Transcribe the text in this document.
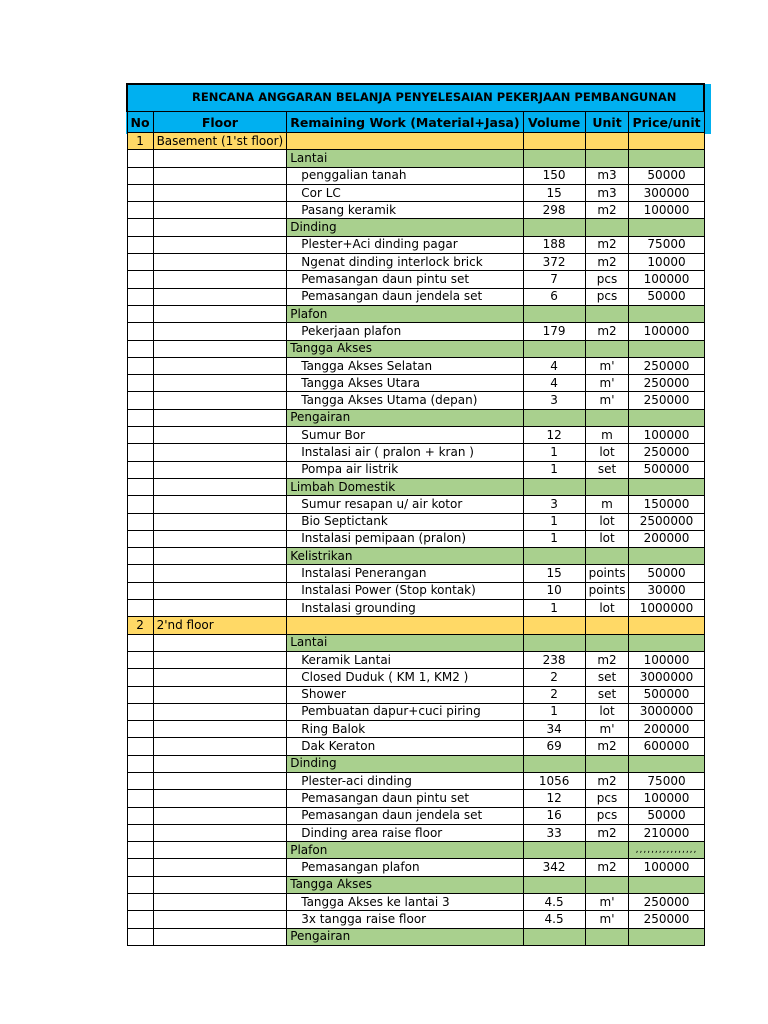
RENCANA ANGGARAN BELANJA PENYELESAIAN PEKERJAAN PEMBANGUNAN

No	Floor	Remaining Work (Material+Jasa)	Volume	Unit	Price/unit
1	Basement (1'st floor)				
		Lantai			
		penggalian tanah	150	m3	50000
		Cor LC	15	m3	300000
		Pasang keramik	298	m2	100000
		Dinding			
		Plester+Aci dinding pagar	188	m2	75000
		Ngenat dinding interlock brick	372	m2	10000
		Pemasangan daun pintu set	7	pcs	100000
		Pemasangan daun jendela set	6	pcs	50000
		Plafon			
		Pekerjaan plafon	179	m2	100000
		Tangga Akses			
		Tangga Akses Selatan	4	m'	250000
		Tangga Akses Utara	4	m'	250000
		Tangga Akses Utama (depan)	3	m'	250000
		Pengairan			
		Sumur Bor	12	m	100000
		Instalasi air ( pralon + kran )	1	lot	250000
		Pompa air listrik	1	set	500000
		Limbah Domestik			
		Sumur resapan u/ air kotor	3	m	150000
		Bio Septictank	1	lot	2500000
		Instalasi pemipaan (pralon)	1	lot	200000
		Kelistrikan			
		Instalasi Penerangan	15	points	50000
		Instalasi Power (Stop kontak)	10	points	30000
		Instalasi grounding	1	lot	1000000
2	2'nd floor				
		Lantai			
		Keramik Lantai	238	m2	100000
		Closed Duduk ( KM 1, KM2 )	2	set	3000000
		Shower	2	set	500000
		Pembuatan dapur+cuci piring	1	lot	3000000
		Ring Balok	34	m'	200000
		Dak Keraton	69	m2	600000
		Dinding			
		Plester-aci dinding	1056	m2	75000
		Pemasangan daun pintu set	12	pcs	100000
		Pemasangan daun jendela set	16	pcs	50000
		Dinding area raise floor	33	m2	210000
		Plafon			,,,,,,,,,,,,,,,,
		Pemasangan plafon	342	m2	100000
		Tangga Akses			
		Tangga Akses ke lantai 3	4.5	m'	250000
		3x tangga raise floor	4.5	m'	250000
		Pengairan			
